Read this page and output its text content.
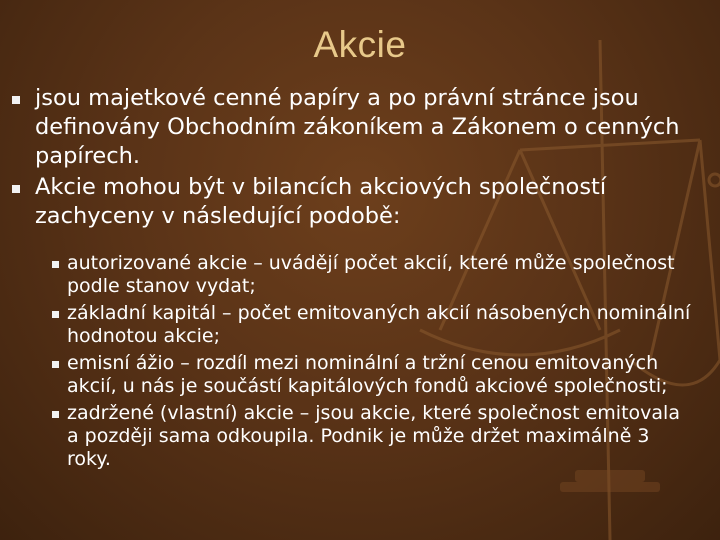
Akcie
jsou majetkové cenné papíry a po právní stránce jsou definovány Obchodním zákoníkem a Zákonem o cenných papírech.
Akcie mohou být v bilancích akciových společností zachyceny v následující podobě:
autorizované akcie – uvádějí počet akcií, které může společnost podle stanov vydat;
základní kapitál – počet emitovaných akcií násobených nominální hodnotou akcie;
emisní ážio – rozdíl mezi nominální a tržní cenou emitovaných akcií, u nás je součástí kapitálových fondů akciové společnosti;
zadržené (vlastní) akcie – jsou akcie, které společnost emitovala a později sama odkoupila. Podnik je může držet maximálně 3 roky.
